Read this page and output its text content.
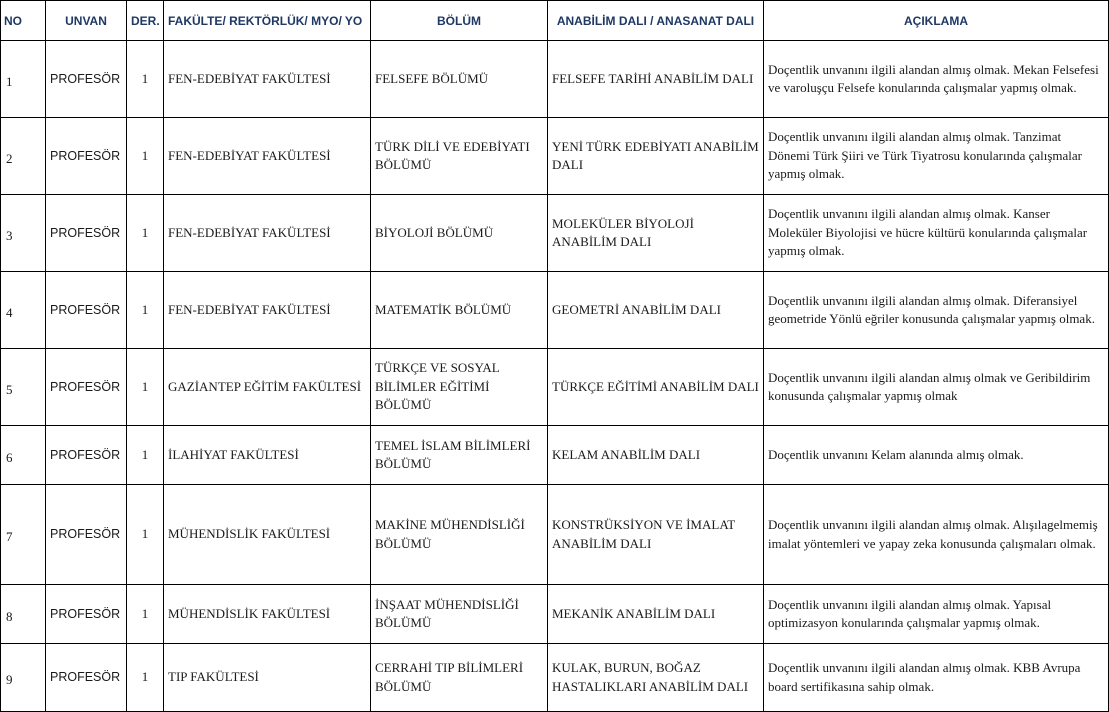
NO	UNVAN	DER.	FAKÜLTE/ REKTÖRLÜK/ MYO/ YO	BÖLÜM	ANABİLİM DALI / ANASANAT DALI	AÇIKLAMA
1	PROFESÖR	1	FEN-EDEBİYAT FAKÜLTESİ	FELSEFE BÖLÜMÜ	FELSEFE TARİHİ ANABİLİM DALI	Doçentlik unvanını ilgili alandan almış olmak. Mekan Felsefesi ve varoluşçu Felsefe konularında çalışmalar yapmış olmak.
2	PROFESÖR	1	FEN-EDEBİYAT FAKÜLTESİ	TÜRK DİLİ VE EDEBİYATI BÖLÜMÜ	YENİ TÜRK EDEBİYATI ANABİLİM DALI	Doçentlik unvanını ilgili alandan almış olmak. Tanzimat Dönemi Türk Şiiri ve Türk Tiyatrosu konularında çalışmalar yapmış olmak.
3	PROFESÖR	1	FEN-EDEBİYAT FAKÜLTESİ	BİYOLOJİ BÖLÜMÜ	MOLEKÜLER BİYOLOJİ ANABİLİM DALI	Doçentlik unvanını ilgili alandan almış olmak. Kanser Moleküler Biyolojisi ve hücre kültürü konularında çalışmalar yapmış olmak.
4	PROFESÖR	1	FEN-EDEBİYAT FAKÜLTESİ	MATEMATİK BÖLÜMÜ	GEOMETRİ ANABİLİM DALI	Doçentlik unvanını ilgili alandan almış olmak. Diferansiyel geometride Yönlü eğriler konusunda çalışmalar yapmış olmak.
5	PROFESÖR	1	GAZİANTEP EĞİTİM FAKÜLTESİ	TÜRKÇE VE SOSYAL BİLİMLER EĞİTİMİ BÖLÜMÜ	TÜRKÇE EĞİTİMİ ANABİLİM DALI	Doçentlik unvanını ilgili alandan almış olmak ve Geribildirim konusunda çalışmalar yapmış olmak
6	PROFESÖR	1	İLAHİYAT FAKÜLTESİ	TEMEL İSLAM BİLİMLERİ BÖLÜMÜ	KELAM ANABİLİM DALI	Doçentlik unvanını Kelam alanında almış olmak.
7	PROFESÖR	1	MÜHENDİSLİK FAKÜLTESİ	MAKİNE MÜHENDİSLİĞİ BÖLÜMÜ	KONSTRÜKSİYON VE İMALAT ANABİLİM DALI	Doçentlik unvanını ilgili alandan almış olmak. Alışılagelmemiş imalat yöntemleri ve yapay zeka konusunda çalışmaları olmak.
8	PROFESÖR	1	MÜHENDİSLİK FAKÜLTESİ	İNŞAAT MÜHENDİSLİĞİ BÖLÜMÜ	MEKANİK ANABİLİM DALI	Doçentlik unvanını ilgili alandan almış olmak. Yapısal optimizasyon konularında çalışmalar yapmış olmak.
9	PROFESÖR	1	TIP FAKÜLTESİ	CERRAHİ TIP BİLİMLERİ BÖLÜMÜ	KULAK, BURUN, BOĞAZ HASTALIKLARI ANABİLİM DALI	Doçentlik unvanını ilgili alandan almış olmak. KBB Avrupa board sertifikasına sahip olmak.
